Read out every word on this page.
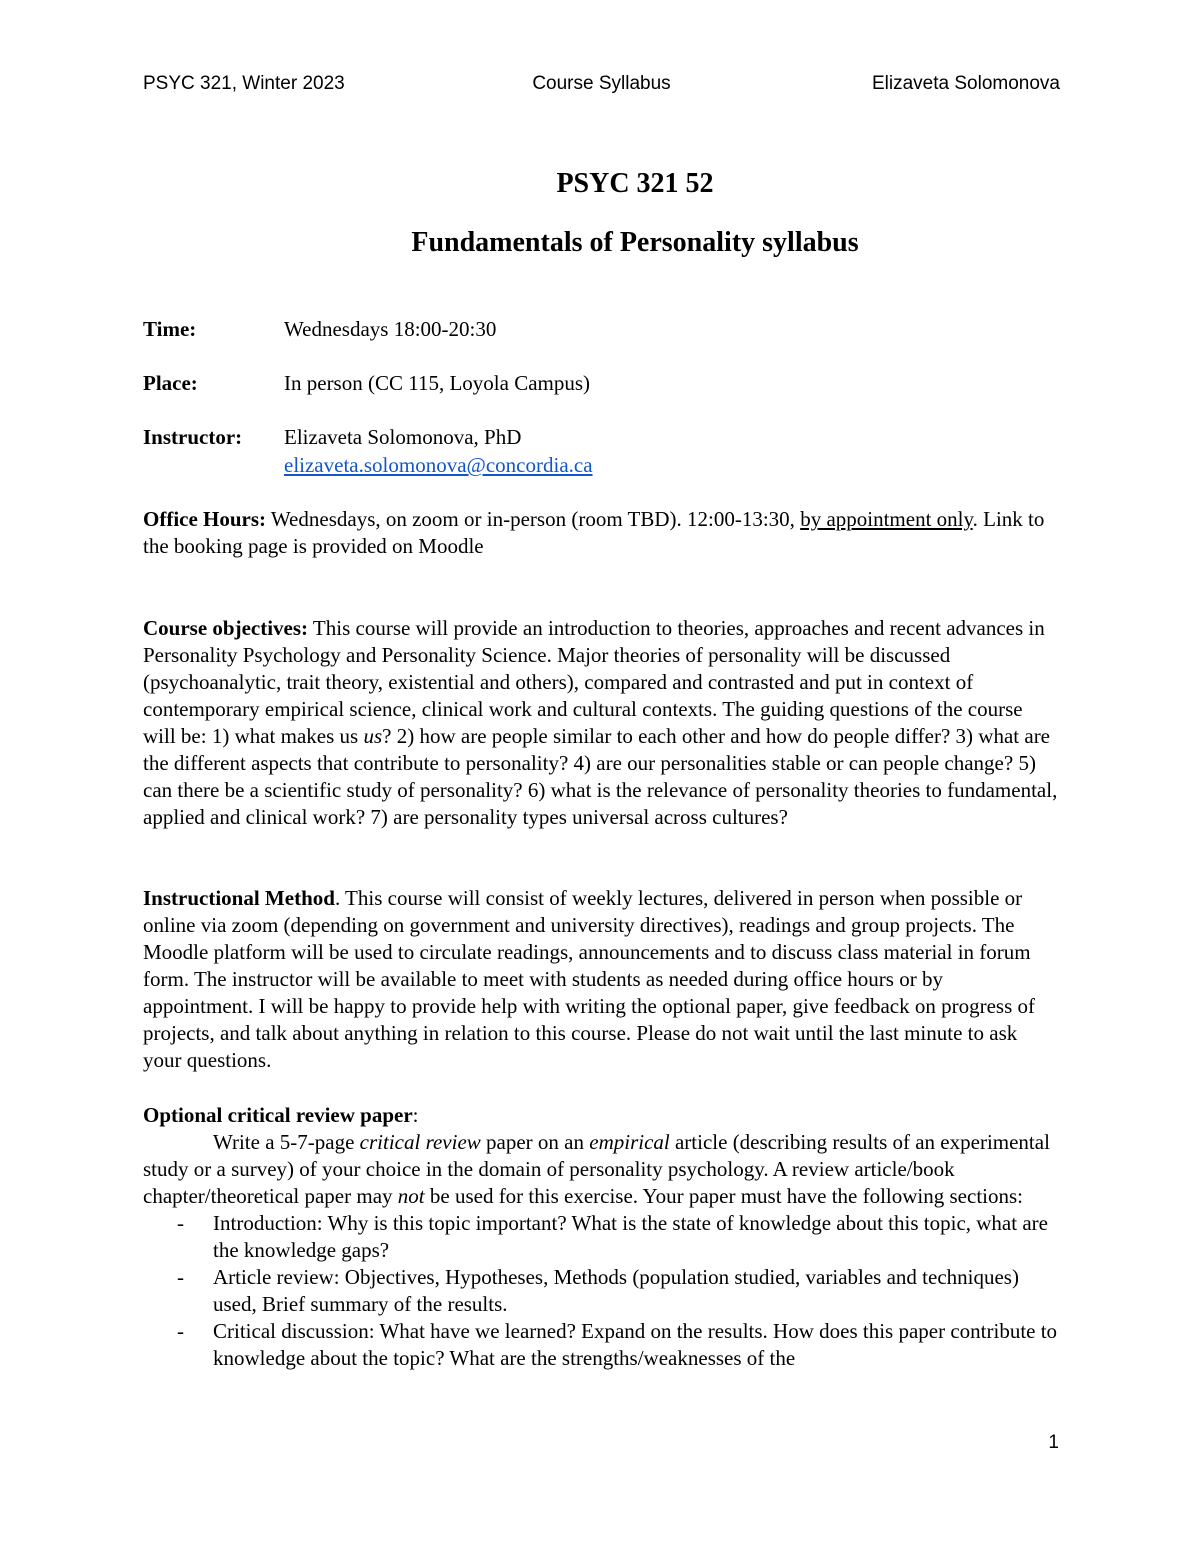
PSYC 321, Winter 2023	Course Syllabus	Elizaveta Solomonova
PSYC 321 52
Fundamentals of Personality syllabus
Time:	Wednesdays 18:00-20:30
Place:	In person (CC 115, Loyola Campus)
Instructor: Elizaveta Solomonova, PhD
elizaveta.solomonova@concordia.ca

Office Hours: Wednesdays, on zoom or in-person (room TBD). 12:00-13:30, by appointment only. Link to the booking page is provided on Moodle

Course objectives: This course will provide an introduction to theories, approaches and recent advances in Personality Psychology and Personality Science. Major theories of personality will be discussed (psychoanalytic, trait theory, existential and others), compared and contrasted and put in context of contemporary empirical science, clinical work and cultural contexts. The guiding questions of the course will be: 1) what makes us us? 2) how are people similar to each other and how do people differ? 3) what are the different aspects that contribute to personality? 4) are our personalities stable or can people change? 5) can there be a scientific study of personality? 6) what is the relevance of personality theories to fundamental, applied and clinical work? 7) are personality types universal across cultures?

Instructional Method. This course will consist of weekly lectures, delivered in person when possible or online via zoom (depending on government and university directives), readings and group projects. The Moodle platform will be used to circulate readings, announcements and to discuss class material in forum form. The instructor will be available to meet with students as needed during office hours or by appointment. I will be happy to provide help with writing the optional paper, give feedback on progress of projects, and talk about anything in relation to this course. Please do not wait until the last minute to ask your questions.

Optional critical review paper:

Write a 5-7-page critical review paper on an empirical article (describing results of an experimental study or a survey) of your choice in the domain of personality psychology. A review article/book chapter/theoretical paper may not be used for this exercise. Your paper must have the following sections:

- Introduction: Why is this topic important? What is the state of knowledge about this topic, what are the knowledge gaps?
- Article review: Objectives, Hypotheses, Methods (population studied, variables and techniques) used, Brief summary of the results.
- Critical discussion: What have we learned? Expand on the results. How does this paper contribute to knowledge about the topic? What are the strengths/weaknesses of the
1
